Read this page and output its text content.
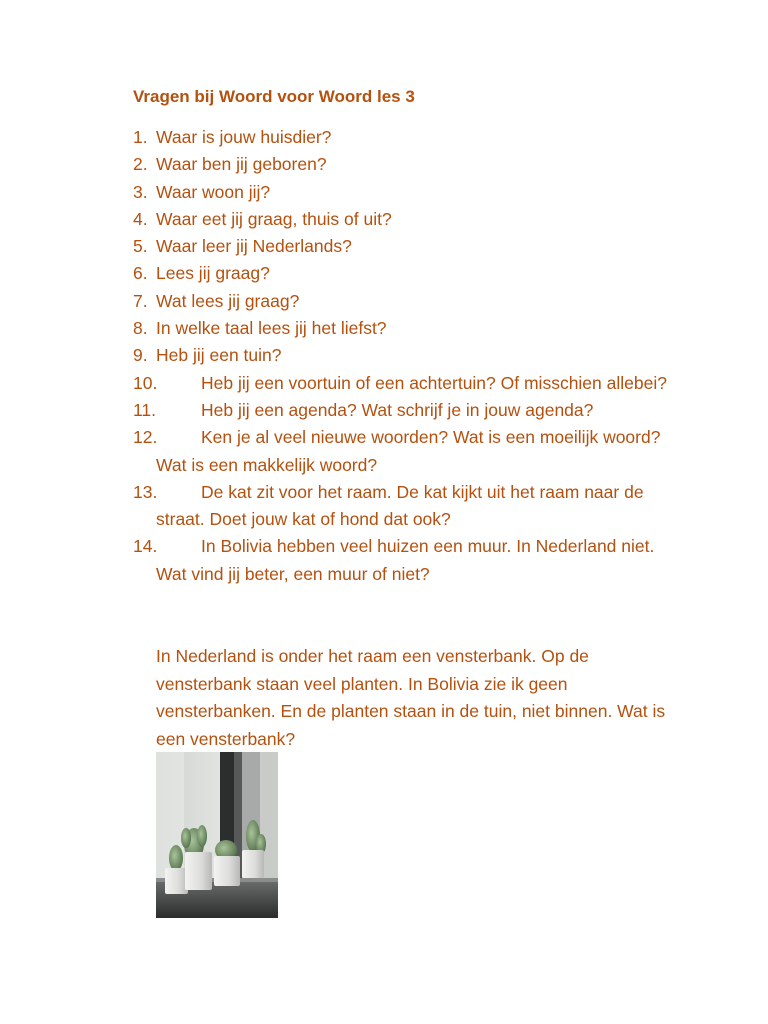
Vragen bij Woord voor Woord les 3
1. Waar is jouw huisdier?
2. Waar ben jij geboren?
3. Waar woon jij?
4. Waar eet jij graag, thuis of uit?
5. Waar leer jij Nederlands?
6. Lees jij graag?
7. Wat lees jij graag?
8. In welke taal lees jij het liefst?
9. Heb jij een tuin?
10.	Heb jij een voortuin of een achtertuin? Of misschien allebei?
11.	Heb jij een agenda? Wat schrijf je in jouw agenda?
12.	Ken je al veel nieuwe woorden? Wat is een moeilijk woord? Wat is een makkelijk woord?
13.	De kat zit voor het raam. De kat kijkt uit het raam naar de straat. Doet jouw kat of hond dat ook?
14.	In Bolivia hebben veel huizen een muur. In Nederland niet. Wat vind jij beter, een muur of niet?

In Nederland is onder het raam een vensterbank. Op de vensterbank staan veel planten. In Bolivia zie ik geen vensterbanken. En de planten staan in de tuin, niet binnen. Wat is een vensterbank?
